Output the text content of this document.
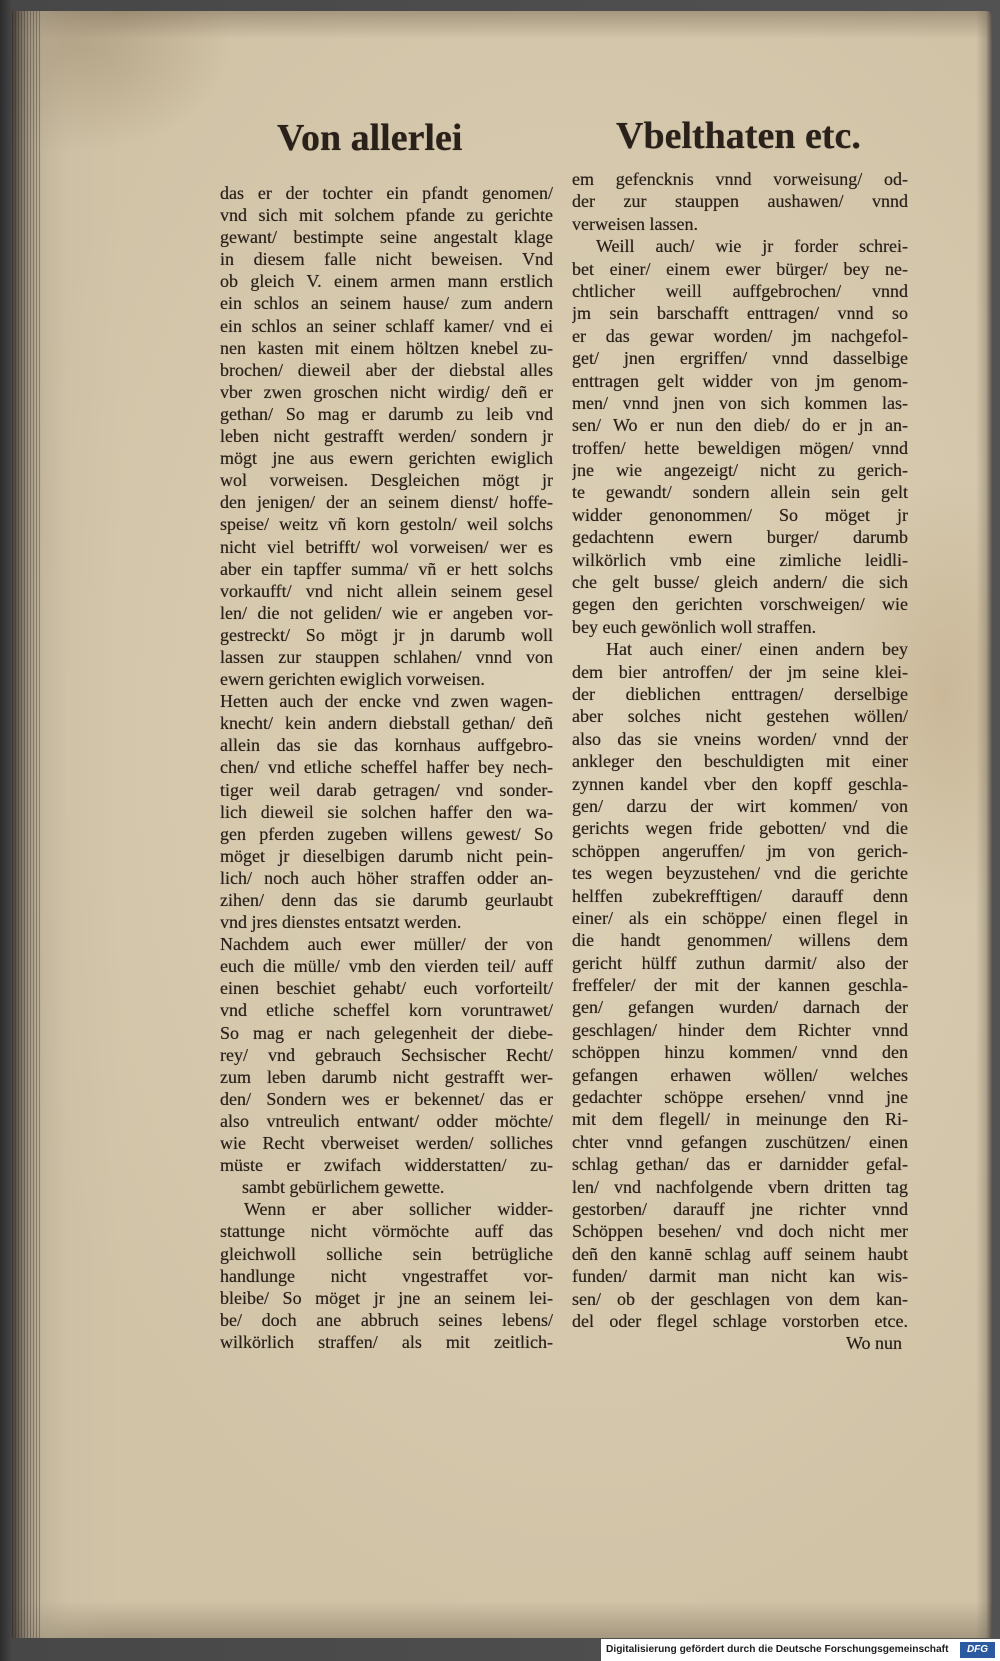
Von allerlei	Vbelthaten etc.
das er der tochter ein pfandt genomen/
vnd sich mit solchem pfande zu gerichte
gewant/ bestimpte seine angestalt klage
in diesem falle nicht beweisen. Vnd
ob gleich V. einem armen mann erstlich
ein schlos an seinem hause/ zum andern
ein schlos an seiner schlaff kamer/ vnd ei
nen kasten mit einem höltzen knebel zu-
brochen/ dieweil aber der diebstal alles
vber zwen groschen nicht wirdig/ deñ er
gethan/ So mag er darumb zu leib vnd
leben nicht gestrafft werden/ sondern jr
mögt jne aus ewern gerichten ewiglich
wol vorweisen. Desgleichen mögt jr
den jenigen/ der an seinem dienst/ hoffe-
speise/ weitz vñ korn gestoln/ weil solchs
nicht viel betrifft/ wol vorweisen/ wer es
aber ein tapffer summa/ vñ er hett solchs
vorkaufft/ vnd nicht allein seinem gesel
len/ die not geliden/ wie er angeben vor-
gestreckt/ So mögt jr jn darumb woll
lassen zur stauppen schlahen/ vnnd von
ewern gerichten ewiglich vorweisen.
Hetten auch der encke vnd zwen wagen-
knecht/ kein andern diebstall gethan/ deñ
allein das sie das kornhaus auffgebro-
chen/ vnd etliche scheffel haffer bey nech-
tiger weil darab getragen/ vnd sonder-
lich dieweil sie solchen haffer den wa-
gen pferden zugeben willens gewest/ So
möget jr dieselbigen darumb nicht pein-
lich/ noch auch höher straffen odder an-
zihen/ denn das sie darumb geurlaubt
vnd jres dienstes entsatzt werden.
Nachdem auch ewer müller/ der von
euch die mülle/ vmb den vierden teil/ auff
einen beschiet gehabt/ euch vorforteilt/
vnd etliche scheffel korn voruntrawet/
So mag er nach gelegenheit der diebe-
rey/ vnd gebrauch Sechsischer Recht/
zum leben darumb nicht gestrafft wer-
den/ Sondern wes er bekennet/ das er
also vntreulich entwant/ odder möchte/
wie Recht vberweiset werden/ solliches
müste er zwifach widderstatten/ zu-
sambt gebürlichem gewette.
Wenn er aber sollicher widder-
stattunge nicht vörmöchte auff das
gleichwoll solliche sein betrügliche
handlunge nicht vngestraffet vor-
bleibe/ So möget jr jne an seinem lei-
be/ doch ane abbruch seines lebens/
wilkörlich straffen/ als mit zeitlich-
em gefencknis vnnd vorweisung/ od-
der zur stauppen aushawen/ vnnd
verweisen lassen.
Weill auch/ wie jr forder schrei-
bet einer/ einem ewer bürger/ bey ne-
chtlicher weill auffgebrochen/ vnnd
jm sein barschafft enttragen/ vnnd so
er das gewar worden/ jm nachgefol-
get/ jnen ergriffen/ vnnd dasselbige
enttragen gelt widder von jm genom-
men/ vnnd jnen von sich kommen las-
sen/ Wo er nun den dieb/ do er jn an-
troffen/ hette beweldigen mögen/ vnnd
jne wie angezeigt/ nicht zu gerich-
te gewandt/ sondern allein sein gelt
widder genonommen/ So möget jr
gedachtenn ewern burger/ darumb
wilkörlich vmb eine zimliche leidli-
che gelt busse/ gleich andern/ die sich
gegen den gerichten vorschweigen/ wie
bey euch gewönlich woll straffen.
Hat auch einer/ einen andern bey
dem bier antroffen/ der jm seine klei-
der dieblichen enttragen/ derselbige
aber solches nicht gestehen wöllen/
also das sie vneins worden/ vnnd der
ankleger den beschuldigten mit einer
zynnen kandel vber den kopff geschla-
gen/ darzu der wirt kommen/ von
gerichts wegen fride gebotten/ vnd die
schöppen angeruffen/ jm von gerich-
tes wegen beyzustehen/ vnd die gerichte
helffen zubekrefftigen/ darauff denn
einer/ als ein schöppe/ einen flegel in
die handt genommen/ willens dem
gericht hülff zuthun darmit/ also der
freffeler/ der mit der kannen geschla-
gen/ gefangen wurden/ darnach der
geschlagen/ hinder dem Richter vnnd
schöppen hinzu kommen/ vnnd den
gefangen erhawen wöllen/ welches
gedachter schöppe ersehen/ vnnd jne
mit dem flegell/ in meinunge den Ri-
chter vnnd gefangen zuschützen/ einen
schlag gethan/ das er darnidder gefal-
len/ vnd nachfolgende vbern dritten tag
gestorben/ darauff jne richter vnnd
Schöppen besehen/ vnd doch nicht mer
deñ den kannē schlag auff seinem haubt
funden/ darmit man nicht kan wis-
sen/ ob der geschlagen von dem kan-
del oder flegel schlage vorstorben etce.
Wo nun
Digitalisierung gefördert durch die Deutsche Forschungsgemeinschaft	DFG
